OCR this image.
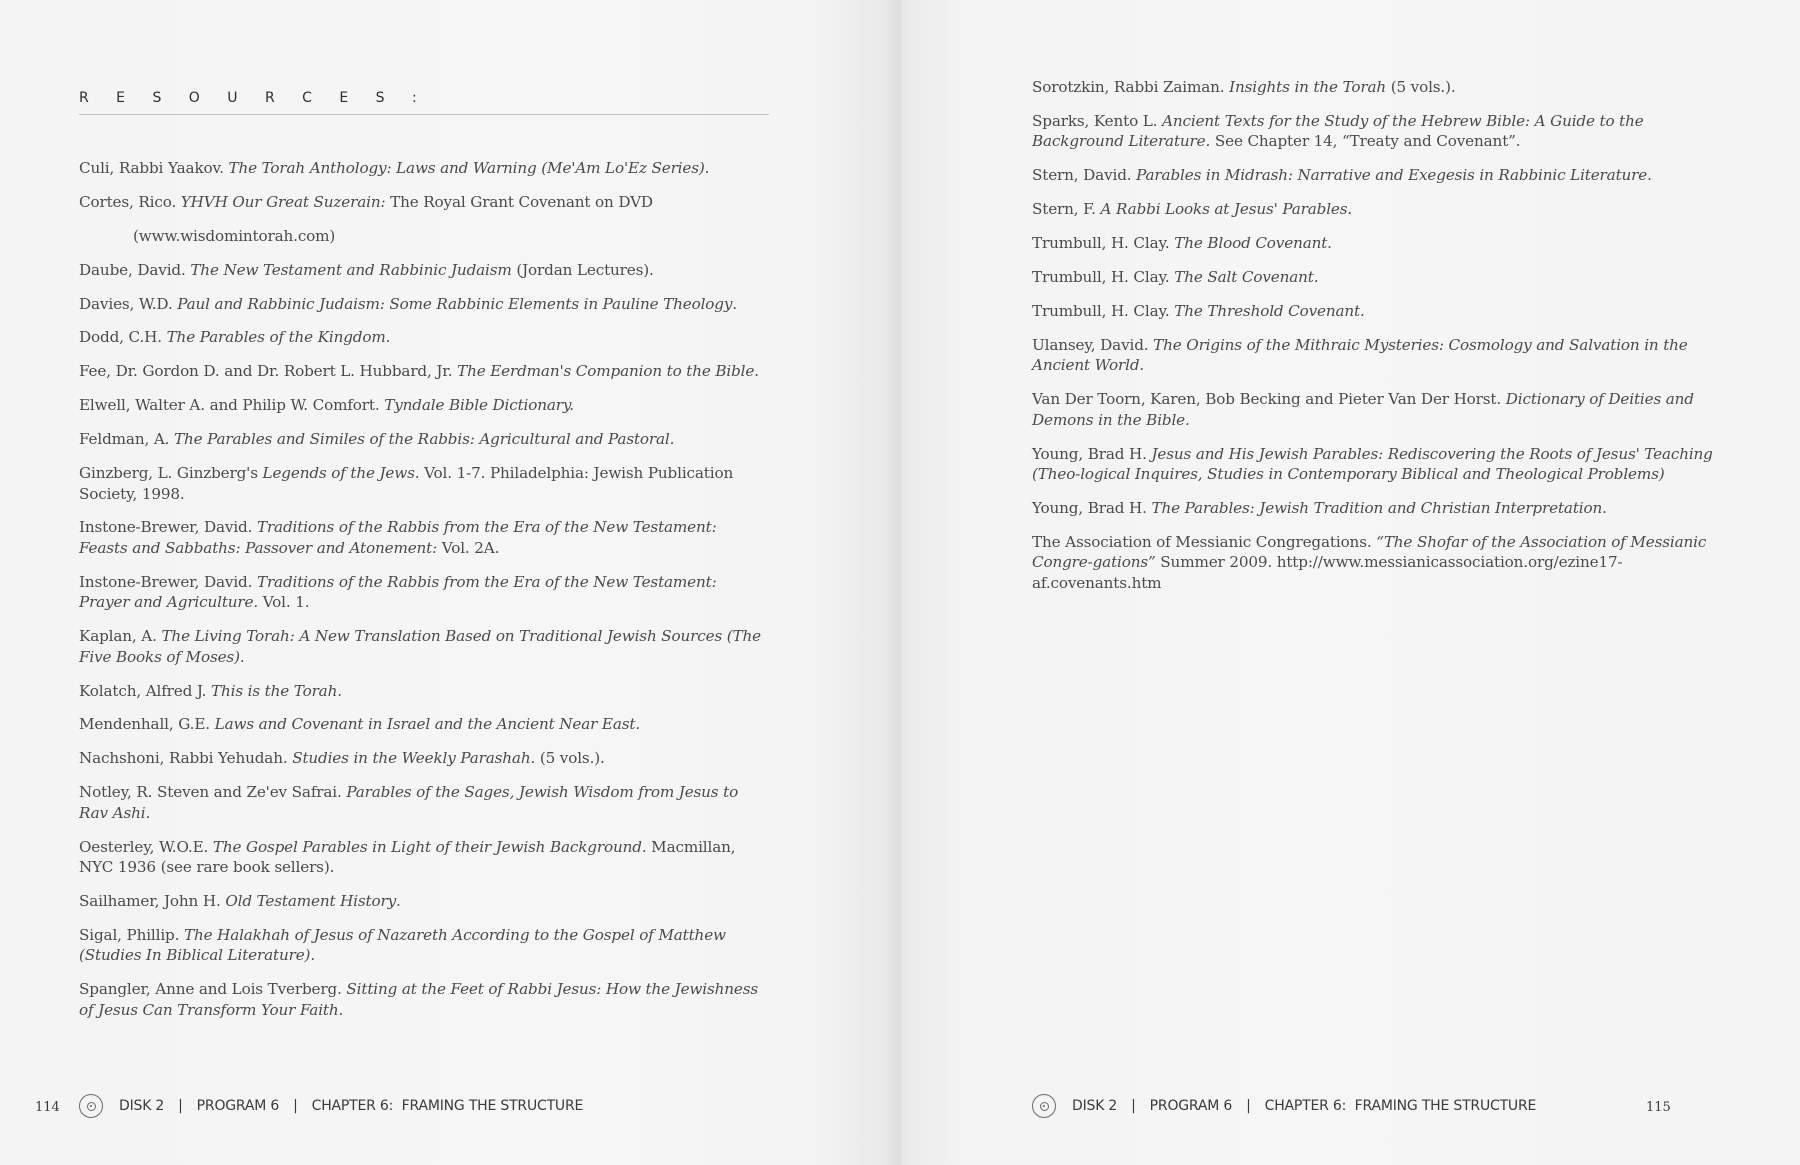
R E S O U R C E S :
Culi, Rabbi Yaakov. The Torah Anthology: Laws and Warning (Me'Am Lo'Ez Series).
Cortes, Rico. YHVH Our Great Suzerain: The Royal Grant Covenant on DVD
(www.wisdomintorah.com)
Daube, David. The New Testament and Rabbinic Judaism (Jordan Lectures).
Davies, W.D. Paul and Rabbinic Judaism: Some Rabbinic Elements in Pauline Theology.
Dodd, C.H. The Parables of the Kingdom.
Fee, Dr. Gordon D. and Dr. Robert L. Hubbard, Jr. The Eerdman's Companion to the Bible.
Elwell, Walter A. and Philip W. Comfort. Tyndale Bible Dictionary.
Feldman, A. The Parables and Similes of the Rabbis: Agricultural and Pastoral.
Ginzberg, L. Ginzberg's Legends of the Jews. Vol. 1-7. Philadelphia: Jewish Publication Society, 1998.
Instone-Brewer, David. Traditions of the Rabbis from the Era of the New Testament: Feasts and Sabbaths: Passover and Atonement: Vol. 2A.
Instone-Brewer, David. Traditions of the Rabbis from the Era of the New Testament: Prayer and Agriculture. Vol. 1.
Kaplan, A. The Living Torah: A New Translation Based on Traditional Jewish Sources (The Five Books of Moses).
Kolatch, Alfred J. This is the Torah.
Mendenhall, G.E. Laws and Covenant in Israel and the Ancient Near East.
Nachshoni, Rabbi Yehudah. Studies in the Weekly Parashah. (5 vols.).
Notley, R. Steven and Ze'ev Safrai. Parables of the Sages, Jewish Wisdom from Jesus to Rav Ashi.
Oesterley, W.O.E. The Gospel Parables in Light of their Jewish Background. Macmillan, NYC 1936 (see rare book sellers).
Sailhamer, John H. Old Testament History.
Sigal, Phillip. The Halakhah of Jesus of Nazareth According to the Gospel of Matthew (Studies In Biblical Literature).
Spangler, Anne and Lois Tverberg. Sitting at the Feet of Rabbi Jesus: How the Jewishness of Jesus Can Transform Your Faith.
114	DISK 2 | PROGRAM 6 | CHAPTER 6:  FRAMING THE STRUCTURE
Sorotzkin, Rabbi Zaiman. Insights in the Torah (5 vols.).
Sparks, Kento L. Ancient Texts for the Study of the Hebrew Bible: A Guide to the Background Literature. See Chapter 14, “Treaty and Covenant”.
Stern, David. Parables in Midrash: Narrative and Exegesis in Rabbinic Literature.
Stern, F. A Rabbi Looks at Jesus' Parables.
Trumbull, H. Clay. The Blood Covenant.
Trumbull, H. Clay. The Salt Covenant.
Trumbull, H. Clay. The Threshold Covenant.
Ulansey, David. The Origins of the Mithraic Mysteries: Cosmology and Salvation in the Ancient World.
Van Der Toorn, Karen, Bob Becking and Pieter Van Der Horst. Dictionary of Deities and Demons in the Bible.
Young, Brad H. Jesus and His Jewish Parables: Rediscovering the Roots of Jesus' Teaching (Theo-logical Inquires, Studies in Contemporary Biblical and Theological Problems)
Young, Brad H. The Parables: Jewish Tradition and Christian Interpretation.
The Association of Messianic Congregations. “The Shofar of the Association of Messianic Congre-gations” Summer 2009. http://www.messianicassociation.org/ezine17-af.covenants.htm
DISK 2 | PROGRAM 6 | CHAPTER 6:  FRAMING THE STRUCTURE	115
